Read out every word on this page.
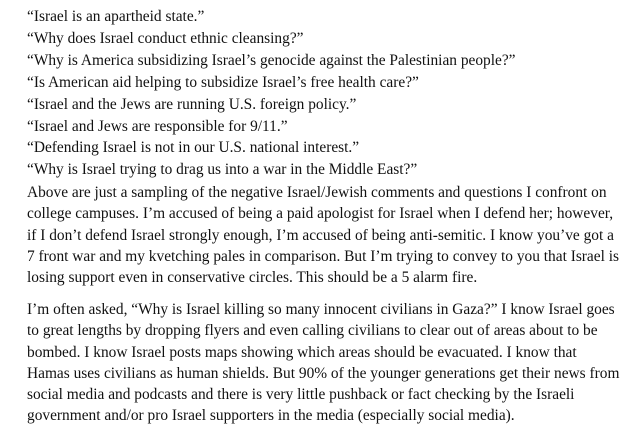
“Israel is an apartheid state.”
“Why does Israel conduct ethnic cleansing?”
“Why is America subsidizing Israel’s genocide against the Palestinian people?”
“Is American aid helping to subsidize Israel’s free health care?”
“Israel and the Jews are running U.S. foreign policy.”
“Israel and Jews are responsible for 9/11.”
“Defending Israel is not in our U.S. national interest.”
“Why is Israel trying to drag us into a war in the Middle East?”
Above are just a sampling of the negative Israel/Jewish comments and questions I confront on
college campuses. I’m accused of being a paid apologist for Israel when I defend her; however,
if I don’t defend Israel strongly enough, I’m accused of being anti-semitic. I know you’ve got a
7 front war and my kvetching pales in comparison. But I’m trying to convey to you that Israel is
losing support even in conservative circles. This should be a 5 alarm fire.
I’m often asked, “Why is Israel killing so many innocent civilians in Gaza?” I know Israel goes
to great lengths by dropping flyers and even calling civilians to clear out of areas about to be
bombed. I know Israel posts maps showing which areas should be evacuated. I know that
Hamas uses civilians as human shields. But 90% of the younger generations get their news from
social media and podcasts and there is very little pushback or fact checking by the Israeli
government and/or pro Israel supporters in the media (especially social media).
